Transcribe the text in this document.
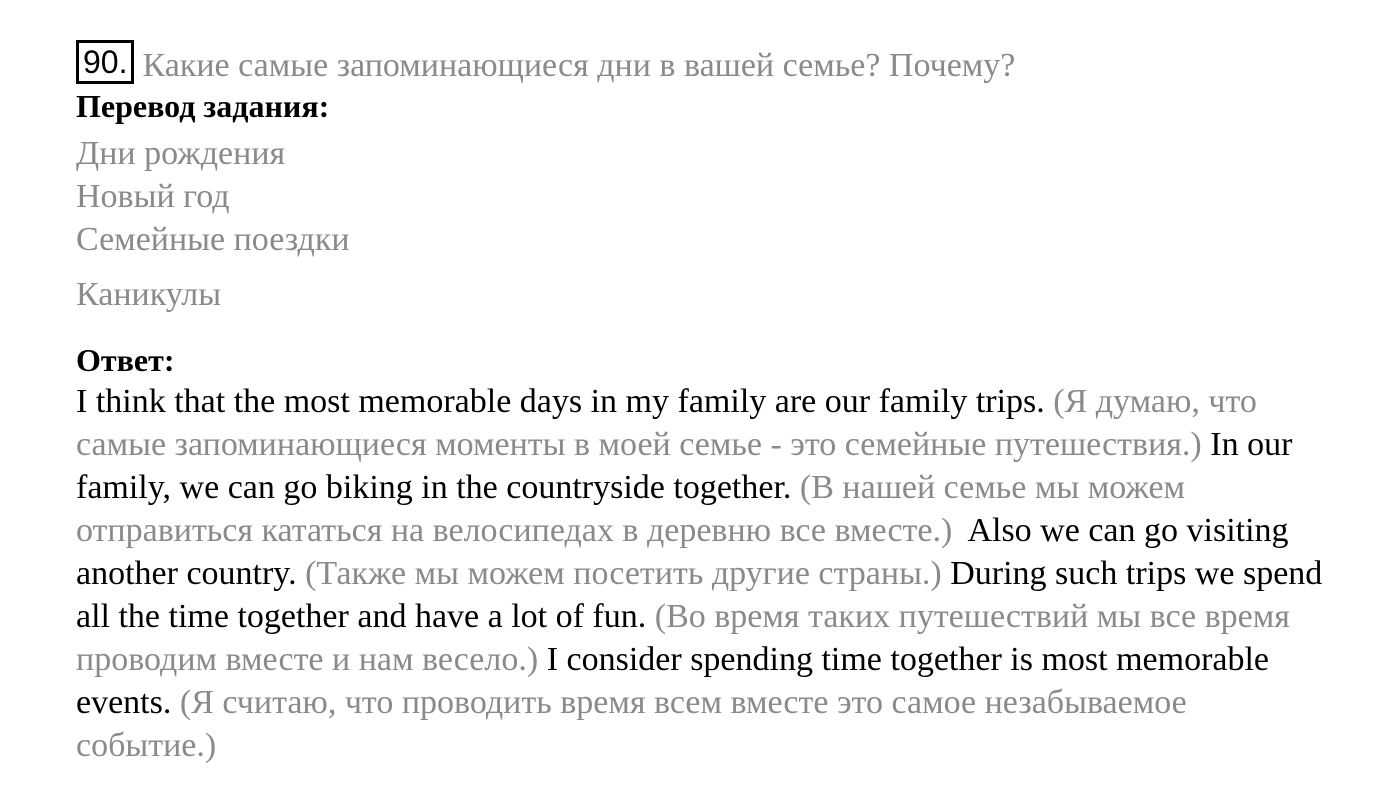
90. Какие самые запоминающиеся дни в вашей семье? Почему?
Перевод задания:
Дни рождения
Новый год
Семейные поездки
Каникулы
Ответ:
I think that the most memorable days in my family are our family trips. (Я думаю, что самые запоминающиеся моменты в моей семье - это семейные путешествия.) In our family, we can go biking in the countryside together. (В нашей семье мы можем отправиться кататься на велосипедах в деревню все вместе.) Also we can go visiting another country. (Также мы можем посетить другие страны.) During such trips we spend all the time together and have a lot of fun. (Во время таких путешествий мы все время проводим вместе и нам весело.) I consider spending time together is most memorable events. (Я считаю, что проводить время всем вместе это самое незабываемое событие.)
